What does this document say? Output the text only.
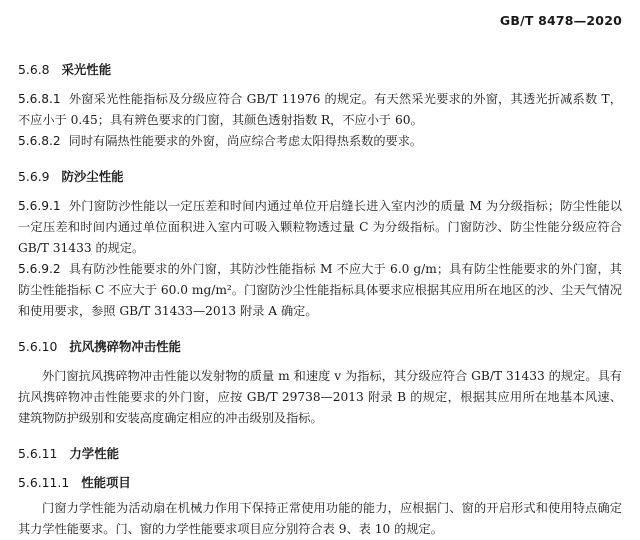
GB/T 8478—2020
5.6.8 采光性能

5.6.8.1 外窗采光性能指标及分级应符合 GB/T 11976 的规定。有天然采光要求的外窗，其透光折减系数 T，不应小于 0.45；具有辨色要求的门窗，其颜色透射指数 R，不应小于 60。

5.6.8.2 同时有隔热性能要求的外窗，尚应综合考虑太阳得热系数的要求。

5.6.9 防沙尘性能

5.6.9.1 外门窗防沙性能以一定压差和时间内通过单位开启缝长进入室内沙的质量 M 为分级指标；防尘性能以一定压差和时间内通过单位面积进入室内可吸入颗粒物透过量 C 为分级指标。门窗防沙、防尘性能分级应符合 GB/T 31433 的规定。

5.6.9.2 具有防沙性能要求的外门窗，其防沙性能指标 M 不应大于 6.0 g/m；具有防尘性能要求的外门窗，其防尘性能指标 C 不应大于 60.0 mg/m²。门窗防沙尘性能指标具体要求应根据其应用所在地区的沙、尘天气情况和使用要求，参照 GB/T 31433—2013 附录 A 确定。

5.6.10 抗风携碎物冲击性能

外门窗抗风携碎物冲击性能以发射物的质量 m 和速度 v 为指标，其分级应符合 GB/T 31433 的规定。具有抗风携碎物冲击性能要求的外门窗，应按 GB/T 29738—2013 附录 B 的规定，根据其应用所在地基本风速、建筑物防护级别和安装高度确定相应的冲击级别及指标。

5.6.11 力学性能
5.6.11.1 性能项目

门窗力学性能为活动扇在机械力作用下保持正常使用功能的能力，应根据门、窗的开启形式和使用特点确定其力学性能要求。门、窗的力学性能要求项目应分别符合表 9、表 10 的规定。
